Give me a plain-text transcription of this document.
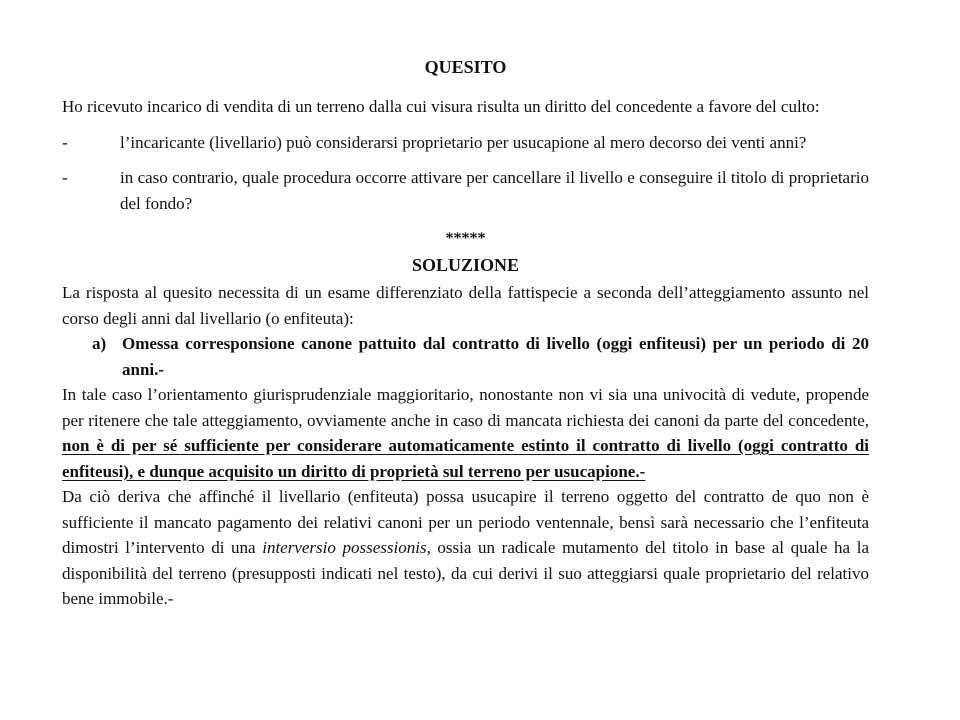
QUESITO

Ho ricevuto incarico di vendita di un terreno dalla cui visura risulta un diritto del concedente a favore del culto:

-	l’incaricante (livellario) può considerarsi proprietario per usucapione al mero decorso dei venti anni?
-	in caso contrario, quale procedura occorre attivare per cancellare il livello e conseguire il titolo di proprietario del fondo?
*****
SOLUZIONE

La risposta al quesito necessita di un esame differenziato della fattispecie a seconda dell’atteggiamento assunto nel corso degli anni dal livellario (o enfiteuta):

a) Omessa corresponsione canone pattuito dal contratto di livello (oggi enfiteusi) per un periodo di 20 anni.-

In tale caso l’orientamento giurisprudenziale maggioritario, nonostante non vi sia una univocità di vedute, propende per ritenere che tale atteggiamento, ovviamente anche in caso di mancata richiesta dei canoni da parte del concedente, non è di per sé sufficiente per considerare automaticamente estinto il contratto di livello (oggi contratto di enfiteusi), e dunque acquisito un diritto di proprietà sul terreno per usucapione.-

Da ciò deriva che affinché il livellario (enfiteuta) possa usucapire il terreno oggetto del contratto de quo non è sufficiente il mancato pagamento dei relativi canoni per un periodo ventennale, bensì sarà necessario che l’enfiteuta dimostri l’intervento di una interversio possessionis, ossia un radicale mutamento del titolo in base al quale ha la disponibilità del terreno (presupposti indicati nel testo), da cui derivi il suo atteggiarsi quale proprietario del relativo bene immobile.-
